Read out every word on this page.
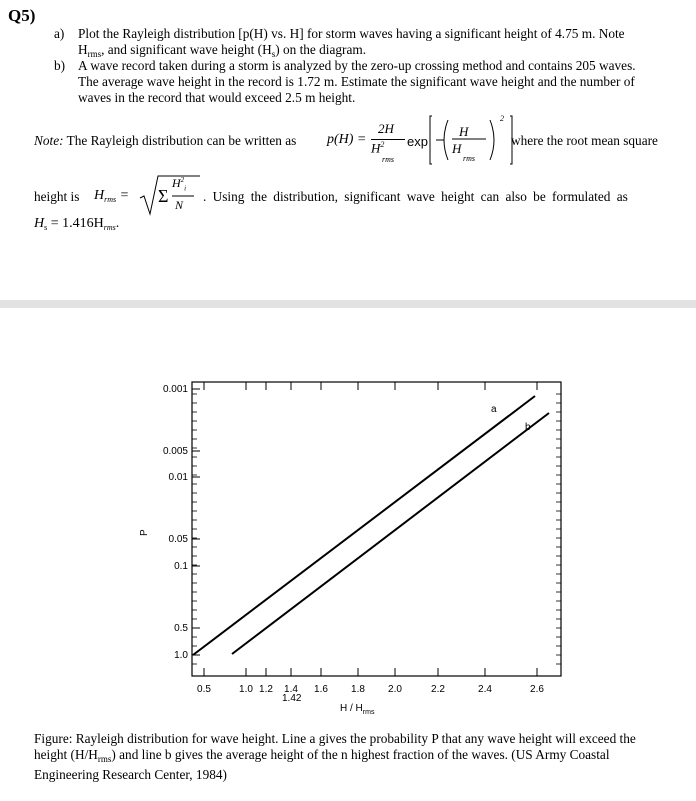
Q5)
a) Plot the Rayleigh distribution [p(H) vs. H] for storm waves having a significant height of 4.75 m. Note
$H_{rms}$, and significant wave height $(H_s)$ on the diagram.
b) A wave record taken during a storm is analyzed by the zero-up crossing method and contains 205 waves.
The average wave height in the record is 1.72 m. Estimate the significant wave height and the number of
waves in the record that would exceed 2.5 m height.
Note: The Rayleigh distribution can be written as p(H) =
2H
$H^2$
rms
exp
H
H
rms
2
where the root mean square
height is $H_{rms} = \Sigma$
$H^2_i$
N
. Using the distribution, significant wave height can also be formulated as
$H_s = 1.416H_{rms}$.
0.001
0.005
0.01
0.05
0.1
0.5
1.0
0.5	1.0 1.2 1.4 1.6 1.8 2.0	2.2	2.4	2.6
a
b
P
H / $H_{rms}$
1.42
Figure: Rayleigh distribution for wave height. Line a gives the probability P that any wave height will exceed the
height $(H/H_{rms})$ and line b gives the average height of the n highest fraction of the waves. (US Army Coastal
Engineering Research Center, 1984)
